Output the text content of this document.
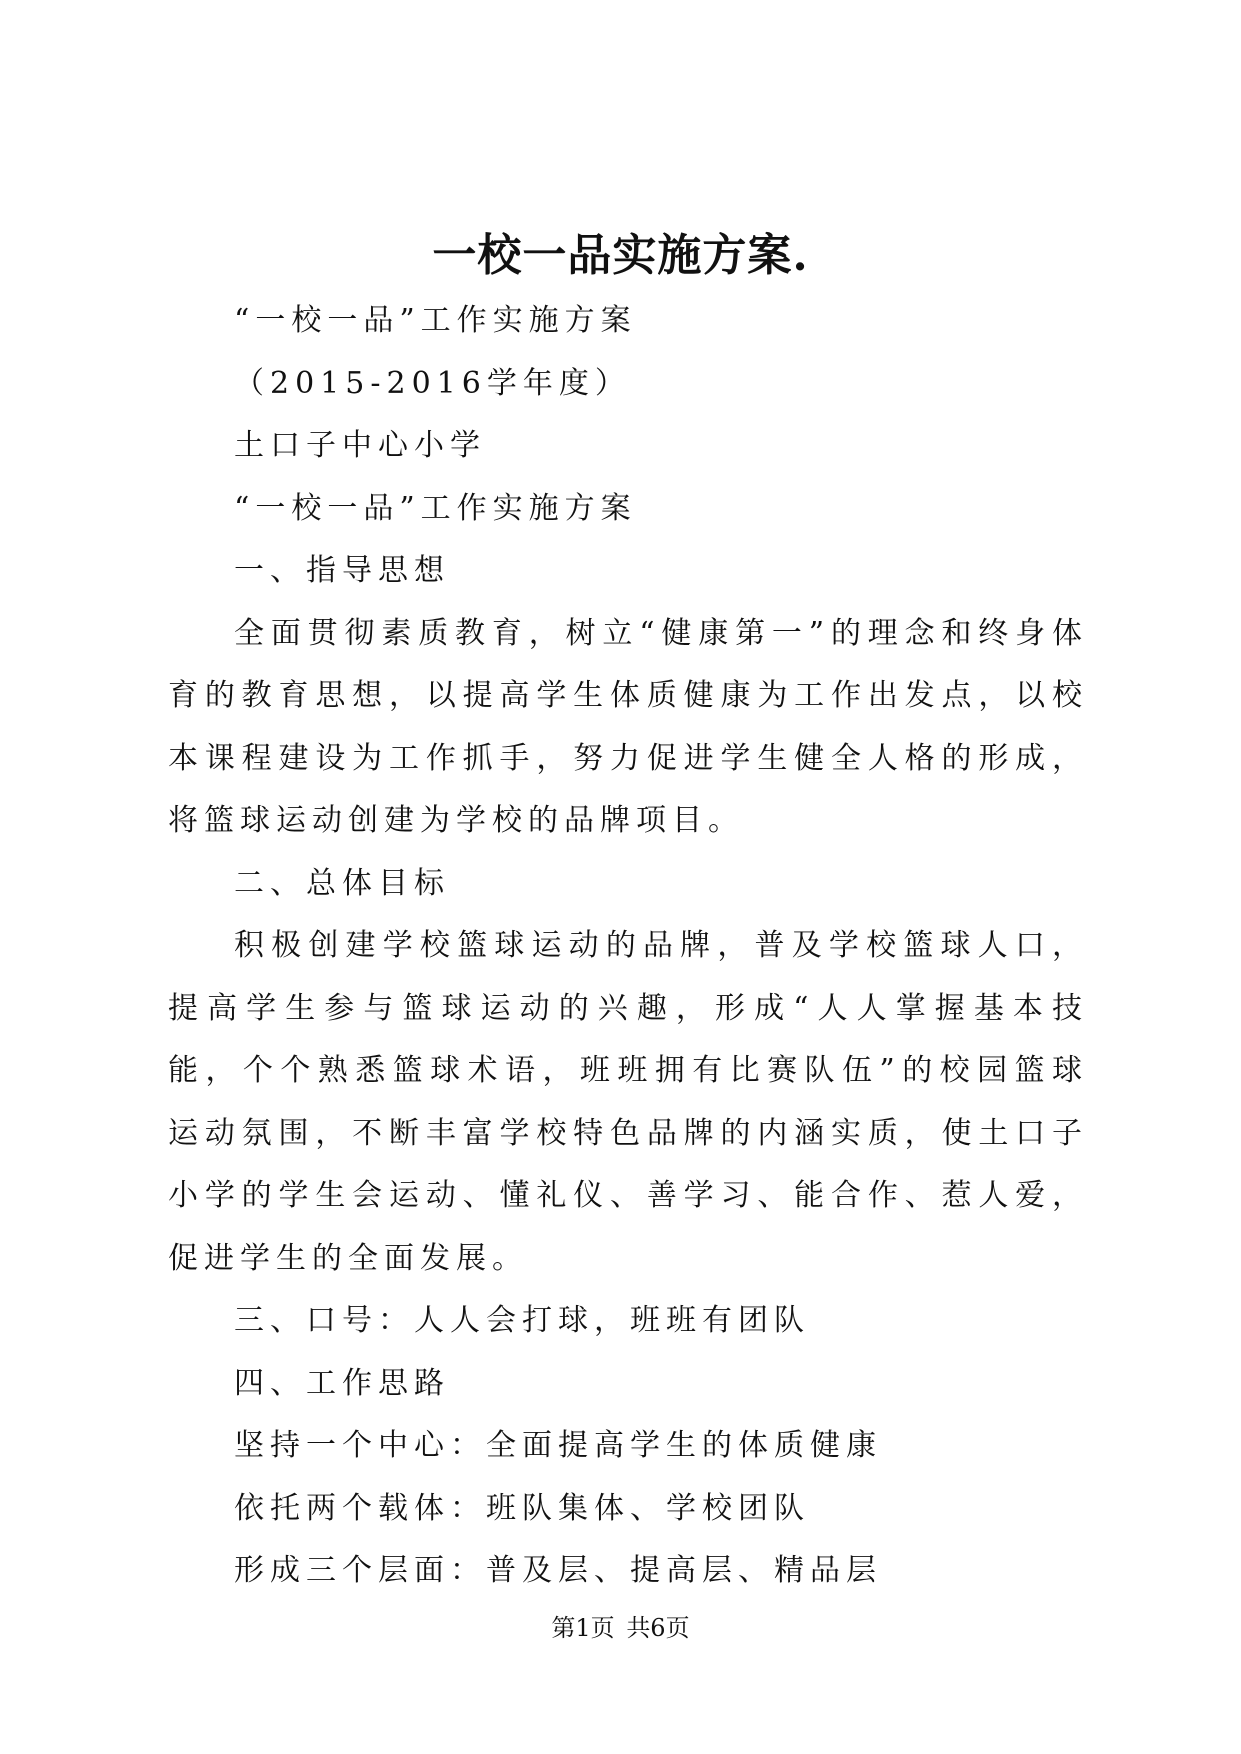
一校一品实施方案.

“一校一品”工作实施方案

（2015-2016学年度）

土口子中心小学

“一校一品”工作实施方案

一、指导思想

全面贯彻素质教育，树立“健康第一”的理念和终身体育的教育思想，以提高学生体质健康为工作出发点，以校本课程建设为工作抓手，努力促进学生健全人格的形成，将篮球运动创建为学校的品牌项目。

二、总体目标

积极创建学校篮球运动的品牌，普及学校篮球人口，提高学生参与篮球运动的兴趣，形成“人人掌握基本技能，个个熟悉篮球术语，班班拥有比赛队伍”的校园篮球运动氛围，不断丰富学校特色品牌的内涵实质，使土口子小学的学生会运动、懂礼仪、善学习、能合作、惹人爱，促进学生的全面发展。

三、口号：人人会打球，班班有团队

四、工作思路

坚持一个中心：全面提高学生的体质健康

依托两个载体：班队集体、学校团队

形成三个层面：普及层、提高层、精品层

第1页 共6页
